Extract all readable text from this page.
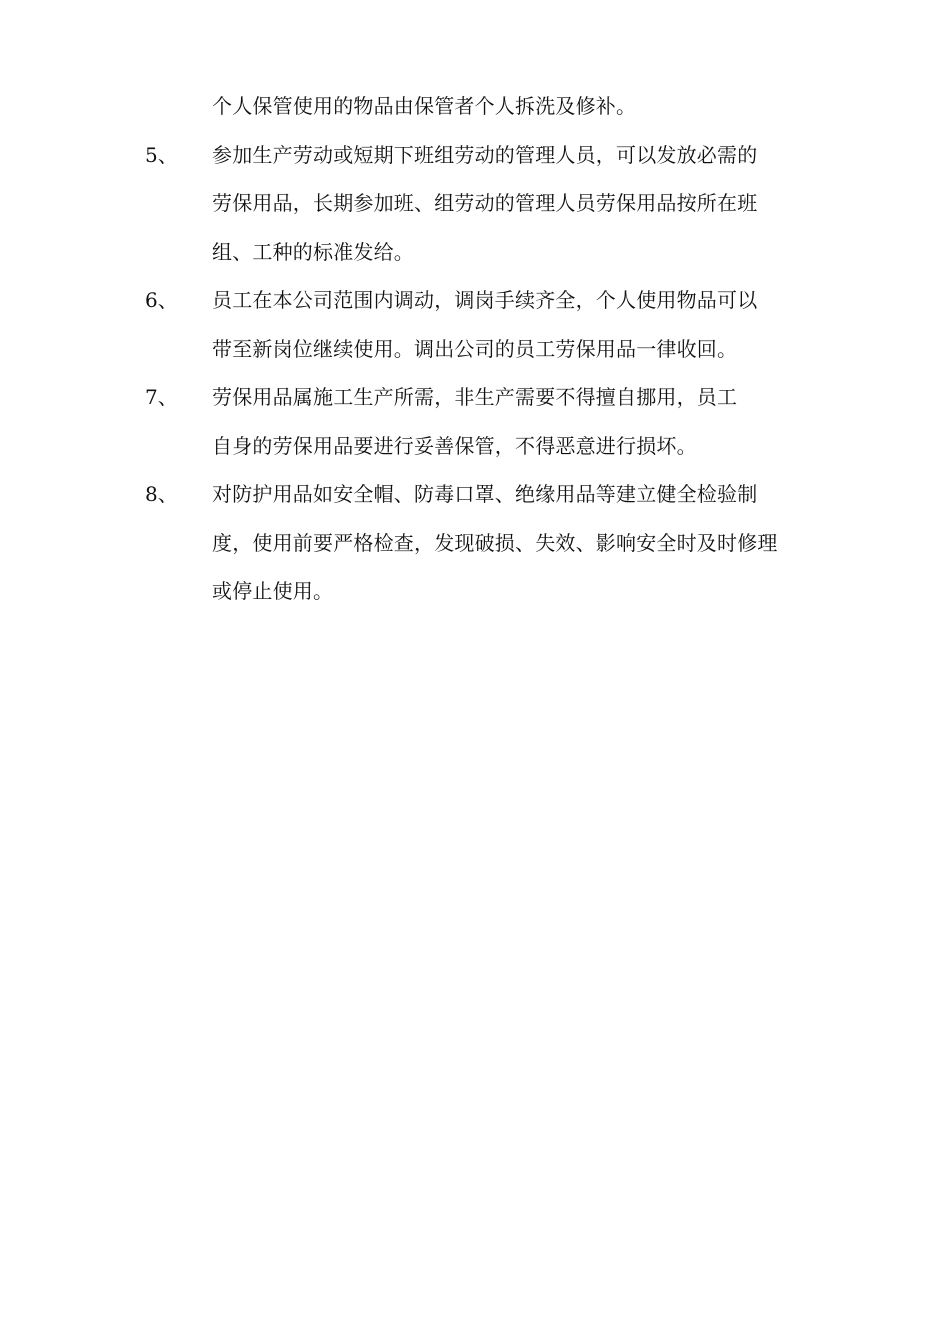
个人保管使用的物品由保管者个人拆洗及修补。
5、 参加生产劳动或短期下班组劳动的管理人员，可以发放必需的
劳保用品，长期参加班、组劳动的管理人员劳保用品按所在班
组、工种的标准发给。
6、 员工在本公司范围内调动，调岗手续齐全，个人使用物品可以
带至新岗位继续使用。调出公司的员工劳保用品一律收回。
7、 劳保用品属施工生产所需，非生产需要不得擅自挪用，员工
自身的劳保用品要进行妥善保管，不得恶意进行损坏。
8、 对防护用品如安全帽、防毒口罩、绝缘用品等建立健全检验制
度，使用前要严格检查，发现破损、失效、影响安全时及时修理
或停止使用。
